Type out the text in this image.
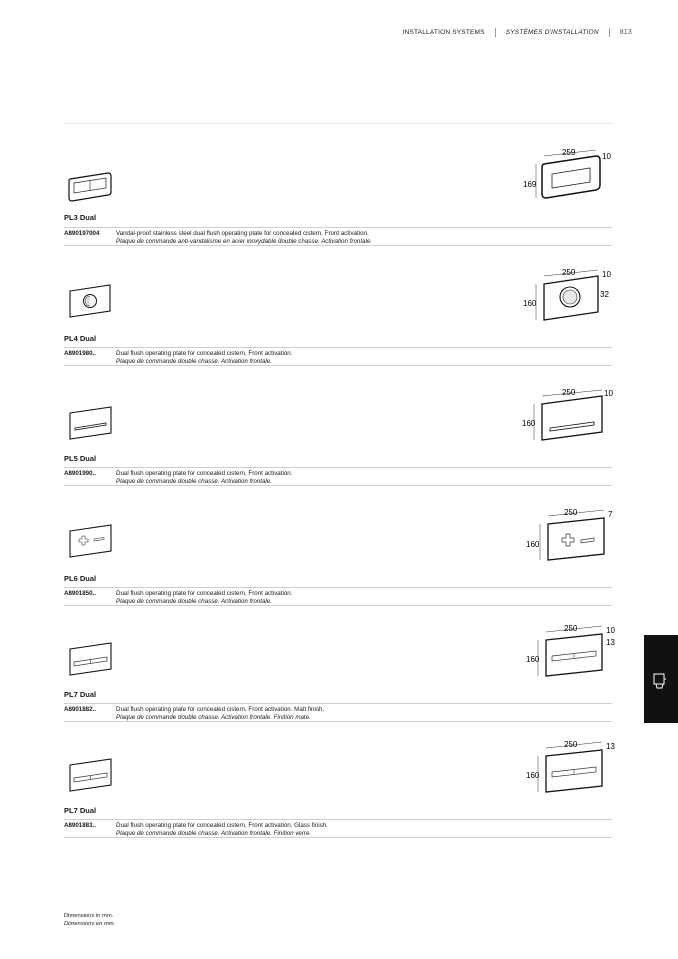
INSTALLATION SYSTEMS	SYSTÈMES D'INSTALLATION	813
259
169
10
PL3 Dual
A890197004	Vandal-proof stainless steel dual flush operating plate for concealed cistern. Front activation.
Plaque de commande anti-vandalisme en acier inoxydable double chasse. Activation frontale.
250
160
10
32
PL4 Dual
A8901980..	Dual flush operating plate for concealed cistern. Front activation.
Plaque de commande double chasse. Activation frontale.
250
160
10
PL5 Dual
A8901990..	Dual flush operating plate for concealed cistern. Front activation.
Plaque de commande double chasse. Activation frontale.
250
160
7
PL6 Dual
A8901850..	Dual flush operating plate for concealed cistern. Front activation.
Plaque de commande double chasse. Activation frontale.
250
160
10
13
PL7 Dual
A8901882..	Dual flush operating plate for concealed cistern. Front activation. Matt finish.
Plaque de commande double chasse. Activation frontale. Finition mate.
250
160
13
PL7 Dual
A8901883..	Dual flush operating plate for concealed cistern. Front activation. Glass finish.
Plaque de commande double chasse. Activation frontale. Finition verre.
Dimensions in mm.
Dimensions en mm.
